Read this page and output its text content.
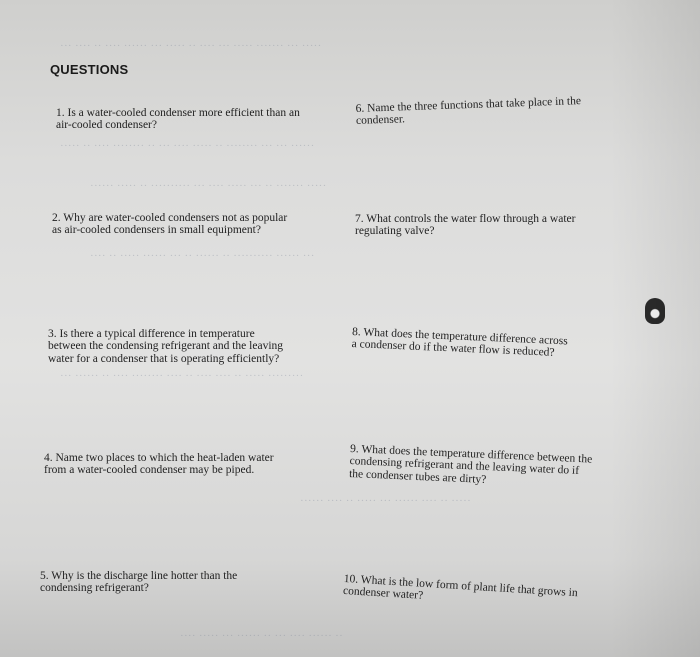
··· ···· ·· ···· ······ ··· ····· ·· ···· ··· ····· ······· ··· ·····
····· ·· ···· ········ ·· ··· ···· ····· ·· ········ ··· ··· ······
······ ····· ·· ·········· ··· ···· ····· ··· ·· ······· ·····
···· ·· ····· ······ ··· ·· ······ ·· ·········· ······ ···
··· ······ ·· ···· ········ ···· ·· ···· ···· ·· ····· ·········
······ ···· ·· ····· ··· ······ ···· ·· ·····
···· ····· ··· ······ ·· ··· ···· ······ ··
QUESTIONS

1. Is a water-cooled condenser more efficient than an
air-cooled condenser?

2. Why are water-cooled condensers not as popular
as air-cooled condensers in small equipment?

3. Is there a typical difference in temperature
between the condensing refrigerant and the leaving
water for a condenser that is operating efficiently?

4. Name two places to which the heat-laden water
from a water-cooled condenser may be piped.

5. Why is the discharge line hotter than the
condensing refrigerant?

6. Name the three functions that take place in the
condenser.

7. What controls the water flow through a water
regulating valve?

8. What does the temperature difference across
a condenser do if the water flow is reduced?

9. What does the temperature difference between the
condensing refrigerant and the leaving water do if
the condenser tubes are dirty?

10. What is the low form of plant life that grows in
condenser water?
